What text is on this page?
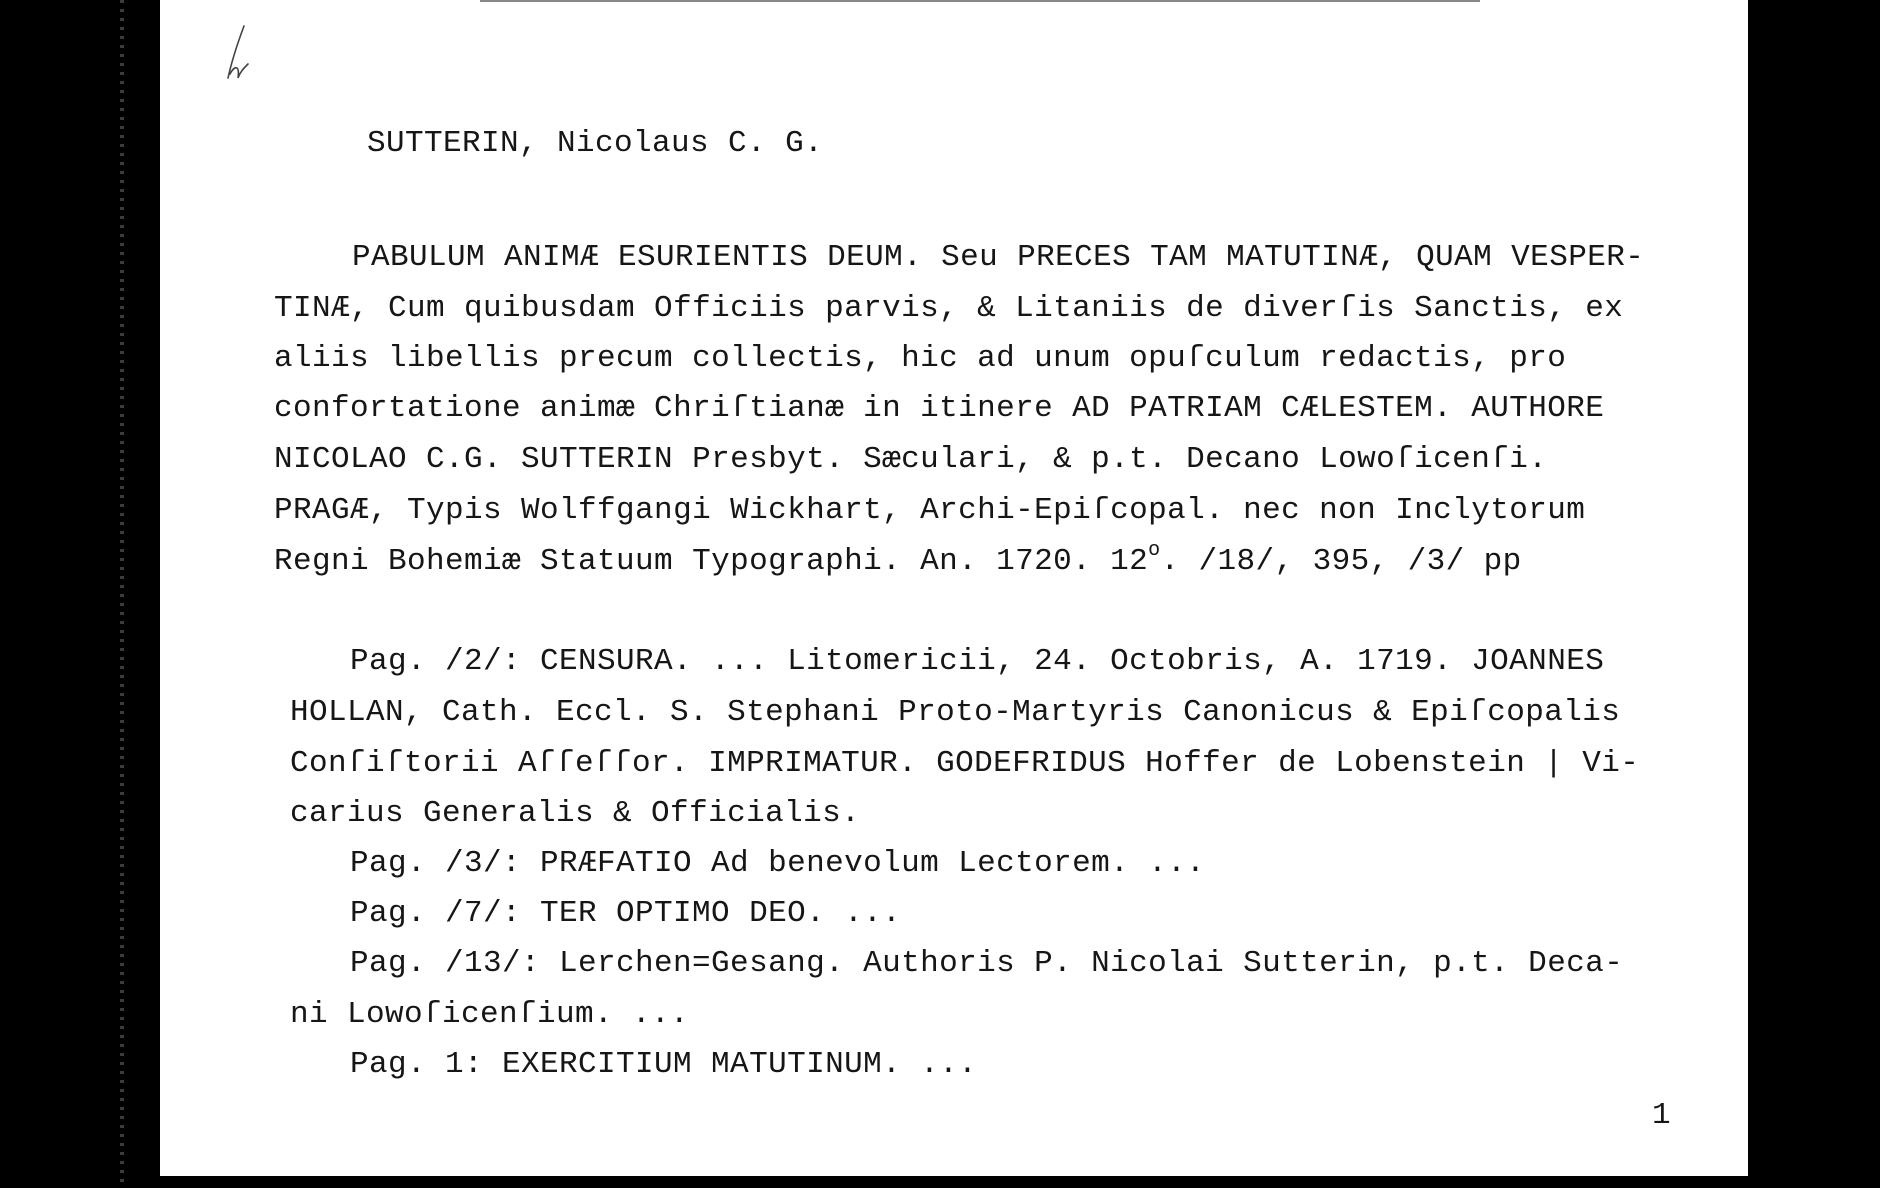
SUTTERIN, Nicolaus C. G.
PABULUM ANIMÆ ESURIENTIS DEUM. Seu PRECES TAM MATUTINÆ, QUAM VESPER-
TINÆ, Cum quibusdam Officiis parvis, & Litaniis de diverſis Sanctis, ex
aliis libellis precum collectis, hic ad unum opuſculum redactis, pro
confortatione animæ Chriſtianæ in itinere AD PATRIAM CÆLESTEM. AUTHORE
NICOLAO C.G. SUTTERIN Presbyt. Sæculari, & p.t. Decano Lowoſicenſi.
PRAGÆ, Typis Wolffgangi Wickhart, Archi-Epiſcopal. nec non Inclytorum
Regni Bohemiæ Statuum Typographi. An. 1720. 12$^o$. /18/, 395, /3/ pp
Pag. /2/: CENSURA. ... Litomericii, 24. Octobris, A. 1719. JOANNES
HOLLAN, Cath. Eccl. S. Stephani Proto-Martyris Canonicus & Epiſcopalis
Conſiſtorii Aſſeſſor. IMPRIMATUR. GODEFRIDUS Hoffer de Lobenstein | Vi-
carius Generalis & Officialis.
Pag. /3/: PRÆFATIO Ad benevolum Lectorem. ...
Pag. /7/: TER OPTIMO DEO. ...
Pag. /13/: Lerchen=Gesang. Authoris P. Nicolai Sutterin, p.t. Deca-
ni Lowoſicenſium. ...
Pag. 1: EXERCITIUM MATUTINUM. ...
1
